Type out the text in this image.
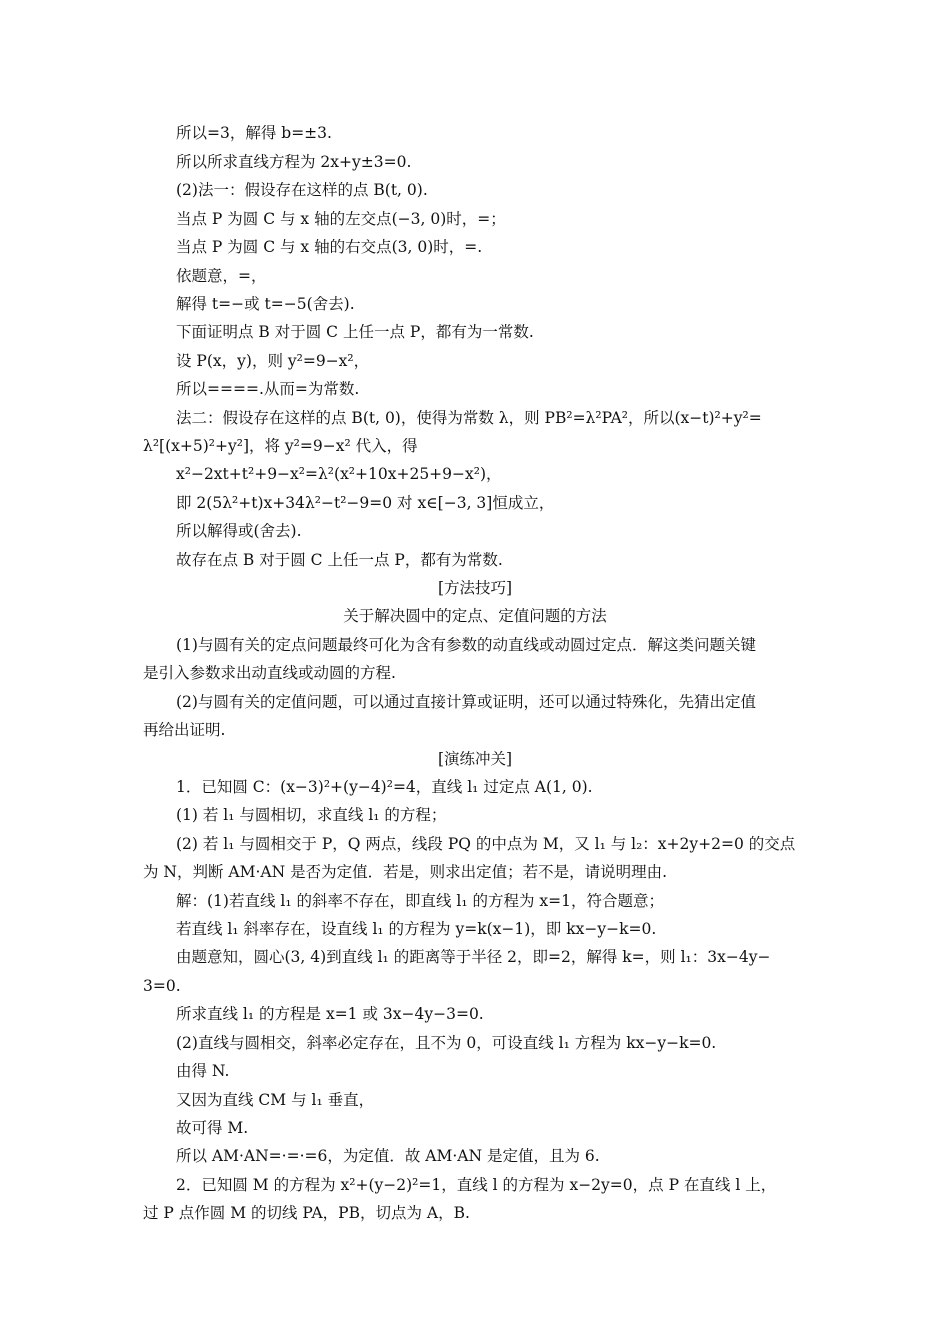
所以=3，解得 b=±3.
所以所求直线方程为 2x+y±3=0.
(2)法一：假设存在这样的点 B(t, 0).
当点 P 为圆 C 与 x 轴的左交点(−3, 0)时，=；
当点 P 为圆 C 与 x 轴的右交点(3, 0)时，=.
依题意，=，
解得 t=−或 t=−5(舍去).
下面证明点 B 对于圆 C 上任一点 P，都有为一常数.
设 P(x，y)，则 y²=9−x²，
所以====.从而=为常数.
法二：假设存在这样的点 B(t, 0)，使得为常数 λ，则 PB²=λ²PA²，所以(x−t)²+y²=
λ²[(x+5)²+y²]，将 y²=9−x² 代入，得
x²−2xt+t²+9−x²=λ²(x²+10x+25+9−x²)，
即 2(5λ²+t)x+34λ²−t²−9=0 对 x∈[−3, 3]恒成立，
所以解得或(舍去).
故存在点 B 对于圆 C 上任一点 P，都有为常数.
[方法技巧]
关于解决圆中的定点、定值问题的方法
(1)与圆有关的定点问题最终可化为含有参数的动直线或动圆过定点．解这类问题关键
是引入参数求出动直线或动圆的方程.
(2)与圆有关的定值问题，可以通过直接计算或证明，还可以通过特殊化，先猜出定值
再给出证明.
[演练冲关]
1．已知圆 C：(x−3)²+(y−4)²=4，直线 l₁ 过定点 A(1, 0).
(1) 若 l₁ 与圆相切，求直线 l₁ 的方程；
(2) 若 l₁ 与圆相交于 P，Q 两点，线段 PQ 的中点为 M，又 l₁ 与 l₂：x+2y+2=0 的交点
为 N，判断 AM·AN 是否为定值．若是，则求出定值；若不是，请说明理由.
解：(1)若直线 l₁ 的斜率不存在，即直线 l₁ 的方程为 x=1，符合题意；
若直线 l₁ 斜率存在，设直线 l₁ 的方程为 y=k(x−1)，即 kx−y−k=0.
由题意知，圆心(3, 4)到直线 l₁ 的距离等于半径 2，即=2，解得 k=，则 l₁：3x−4y−
3=0.
所求直线 l₁ 的方程是 x=1 或 3x−4y−3=0.
(2)直线与圆相交，斜率必定存在，且不为 0，可设直线 l₁ 方程为 kx−y−k=0.
由得 N.
又因为直线 CM 与 l₁ 垂直，
故可得 M.
所以 AM·AN=·=·=6，为定值．故 AM·AN 是定值，且为 6.
2．已知圆 M 的方程为 x²+(y−2)²=1，直线 l 的方程为 x−2y=0，点 P 在直线 l 上，
过 P 点作圆 M 的切线 PA，PB，切点为 A，B.
